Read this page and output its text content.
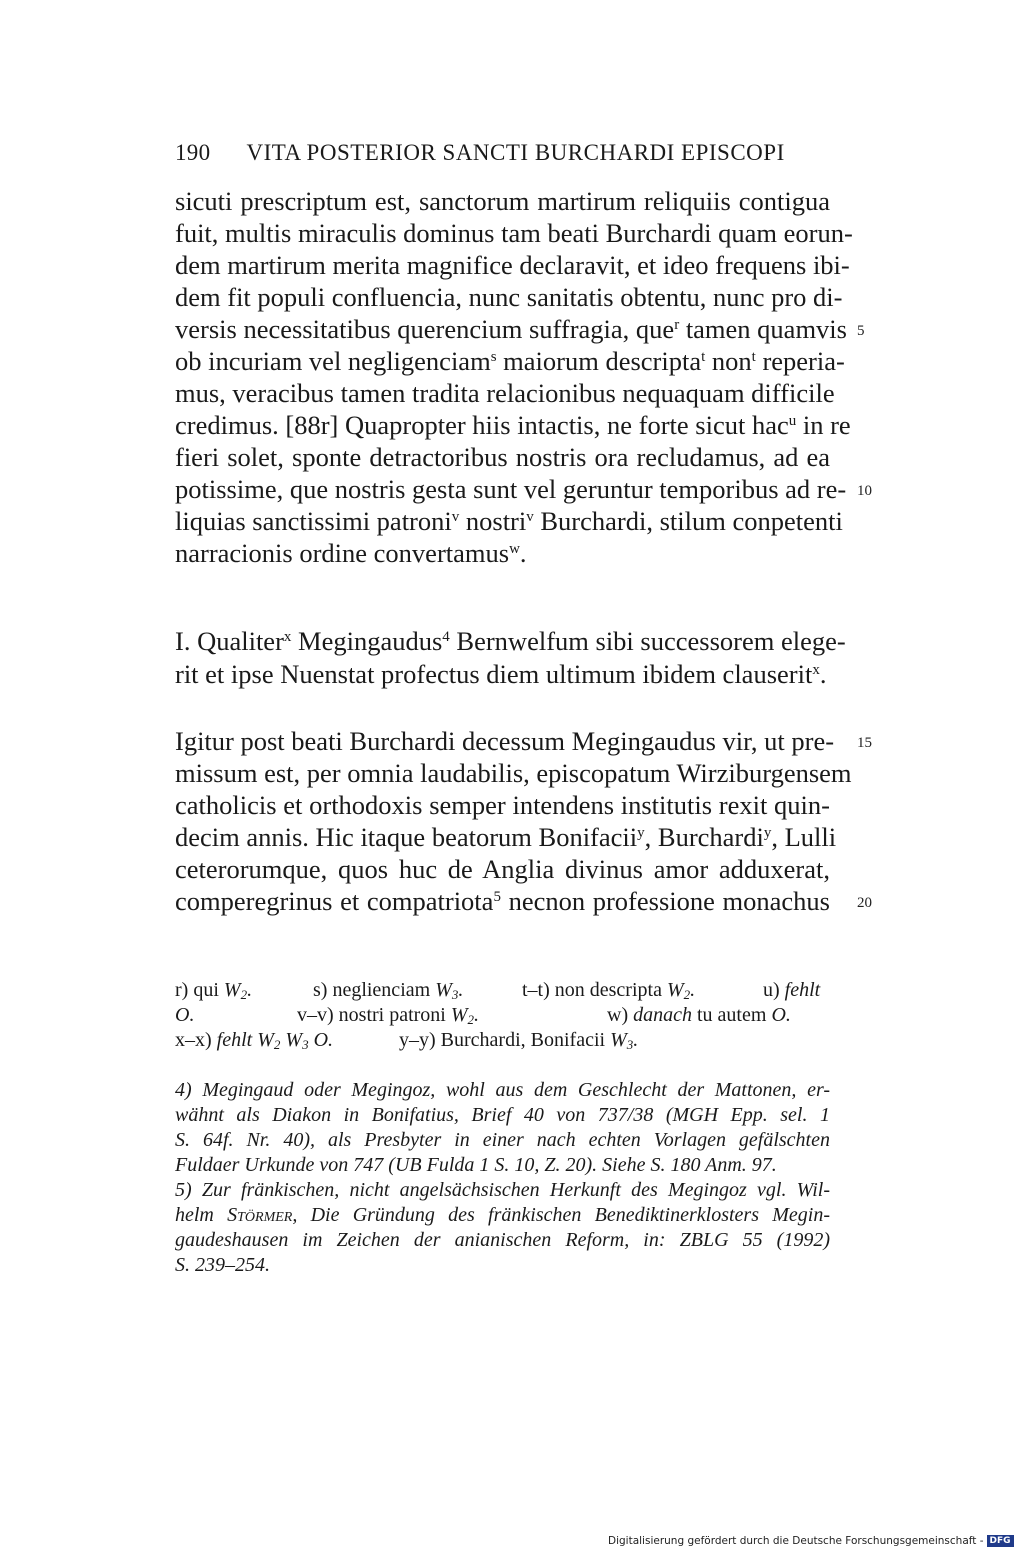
190 VITA POSTERIOR SANCTI BURCHARDI EPISCOPI
sicuti prescriptum est, sanctorum martirum reliquiis contigua
fuit, multis miraculis dominus tam beati Burchardi quam eorun-
dem martirum merita magnifice declaravit, et ideo frequens ibi-
dem fit populi confluencia, nunc sanitatis obtentu, nunc pro di-
versis necessitatibus querencium suffragia, que$^r$ tamen quamvis 5
ob incuriam vel negligenciam$^s$ maiorum descripta$^t$ non$^t$ reperia-
mus, veracibus tamen tradita relacionibus nequaquam difficile
credimus. [88r] Quapropter hiis intactis, ne forte sicut hac$^u$ in re
fieri solet, sponte detractoribus nostris ora recludamus, ad ea
potissime, que nostris gesta sunt vel geruntur temporibus ad re- 10
liquias sanctissimi patroni$^v$ nostri$^v$ Burchardi, stilum conpetenti
narracionis ordine convertamus$^w$.
I. Qualiter$^x$ Megingaudus$^4$ Bernwelfum sibi successorem elege-
rit et ipse Nuenstat profectus diem ultimum ibidem clauserit$^x$.
Igitur post beati Burchardi decessum Megingaudus vir, ut pre- 15
missum est, per omnia laudabilis, episcopatum Wirziburgensem
catholicis et orthodoxis semper intendens institutis rexit quin-
decim annis. Hic itaque beatorum Bonifacii$^y$, Burchardi$^y$, Lulli
ceterorumque, quos huc de Anglia divinus amor adduxerat,
comperegrinus et compatriota$^5$ necnon professione monachus 20
r) qui $W_2$.	s) neglienciam $W_3$.	t–t) non descripta $W_2$.	u) fehlt
O.	v–v) nostri patroni $W_2$.	w) danach tu autem O.
x–x) fehlt $W_2$ $W_3$ O.	y–y) Burchardi, Bonifacii $W_3$.
4) Megingaud oder Megingoz, wohl aus dem Geschlecht der Mattonen, er-
wähnt als Diakon in Bonifatius, Brief 40 von 737/38 (MGH Epp. sel. 1
S. 64f. Nr. 40), als Presbyter in einer nach echten Vorlagen gefälschten
Fuldaer Urkunde von 747 (UB Fulda 1 S. 10, Z. 20). Siehe S. 180 Anm. 97.
5) Zur fränkischen, nicht angelsächsischen Herkunft des Megingoz vgl. Wil-
helm Störmer, Die Gründung des fränkischen Benediktinerklosters Megin-
gaudeshausen im Zeichen der anianischen Reform, in: ZBLG 55 (1992)
S. 239–254.
Digitalisierung gefördert durch die Deutsche Forschungsgemeinschaft - DFG
